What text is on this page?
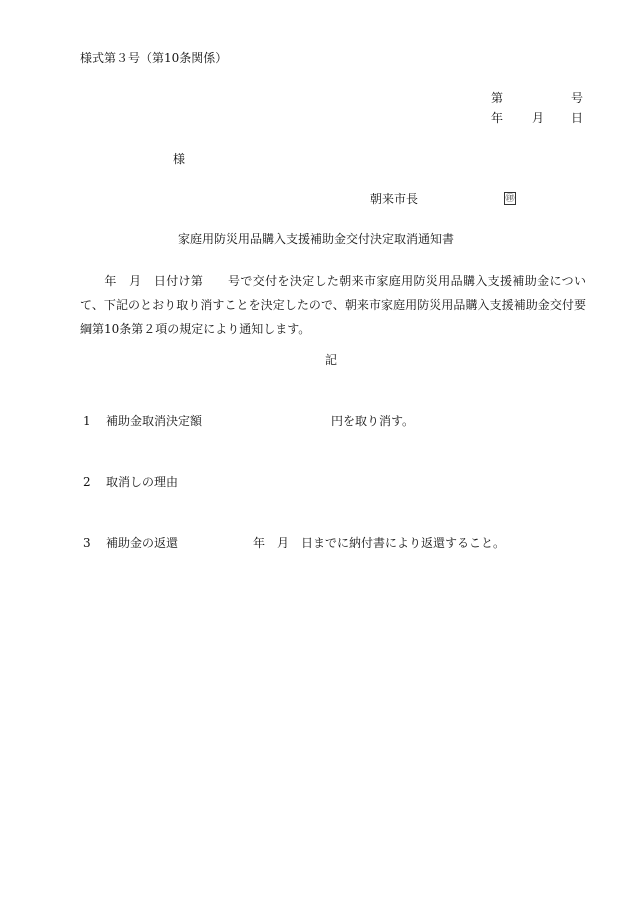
様式第３号（第10条関係）
第	号
年 月 日
様
朝来市長	㊞
家庭用防災用品購入支援補助金交付決定取消通知書
年　月　日付け第　　号で交付を決定した朝来市家庭用防災用品購入支援補助金について、下記のとおり取り消すことを決定したので、朝来市家庭用防災用品購入支援補助金交付要綱第10条第２項の規定により通知します。
記
1 補助金取消決定額	円を取り消す。
2 取消しの理由
3 補助金の返還	年　月　日までに納付書により返還すること。
